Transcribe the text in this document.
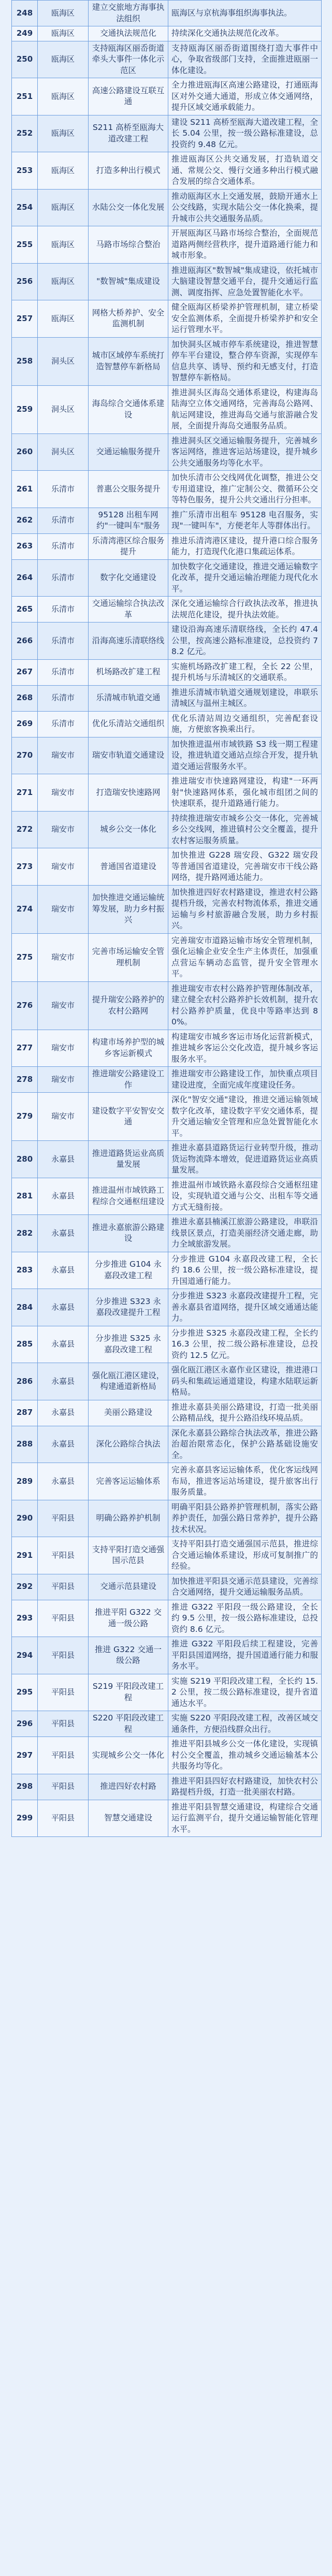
248	瓯海区	建立交旅地方海事执法组织	瓯海区与京杭海事组织海事执法。
249	瓯海区	交通执法规范化	持续深化交通执法规范化改革。
250	瓯海区	支持瓯海区丽岙街道牵头大事件一体化示范区	支持瓯海区丽岙街道围绕打造大事件中心，争取省级部门支持，全面推进瓯丽一体化建设。
251	瓯海区	高速公路建设互联互通	全力推进瓯海区高速公路建设，打通瓯海区对外交通大通道，形成立体交通网络，提升区域交通承载能力。
252	瓯海区	S211 高桥至瓯海大道改建工程	建设 S211 高桥至瓯海大道改建工程，全长 5.04 公里，按一级公路标准建设，总投资约 9.48 亿元。
253	瓯海区	打造多种出行模式	推进瓯海区公共交通发展，打造轨道交通、常规公交、慢行交通多种出行模式融合发展的综合交通体系。
254	瓯海区	水陆公交一体化发展	推动瓯海区水上交通发展，鼓励开通水上公交线路，实现水陆公交一体化换乘，提升城市公共交通服务品质。
255	瓯海区	马路市场综合整治	开展瓯海区马路市场综合整治，全面规范道路两侧经营秩序，提升道路通行能力和城市形象。
256	瓯海区	"数智城"集成建设	推进瓯海区"数智城"集成建设，依托城市大脑建设智慧交通平台，提升交通运行监测、调度指挥、应急处置智能化水平。
257	瓯海区	网格大桥养护、安全监测机制	健全瓯海区桥梁养护管理机制，建立桥梁安全监测体系，全面提升桥梁养护和安全运行管理水平。
258	洞头区	城市区域停车系统打造智慧停车新格局	加快洞头区城市停车系统建设，推进智慧停车平台建设，整合停车资源，实现停车信息共享、诱导、预约和无感支付，打造智慧停车新格局。
259	洞头区	海岛综合交通体系建设	推进洞头区海岛交通体系建设，构建海岛陆海空立体交通网络，完善海岛公路网、航运网建设，推进海岛交通与旅游融合发展，全面提升海岛交通服务品质。
260	洞头区	交通运输服务提升	推进洞头区交通运输服务提升，完善城乡客运网络，推进客运站场建设，提升城乡公共交通服务均等化水平。
261	乐清市	普惠公交服务提升	加快乐清市公交线网优化调整，推进公交专用道建设，推广定制公交、微循环公交等特色服务，提升公共交通出行分担率。
262	乐清市	95128 出租车网约"一键叫车"服务	推广乐清市出租车 95128 电召服务，实现"一键叫车"，方便老年人等群体出行。
263	乐清市	乐清湾港区综合服务提升	推进乐清湾港区建设，提升港口综合服务能力，打造现代化港口集疏运体系。
264	乐清市	数字化交通建设	加快数字化交通建设，推进交通运输数字化改革，提升交通运输治理能力现代化水平。
265	乐清市	交通运输综合执法改革	深化交通运输综合行政执法改革，推进执法规范化建设，提升执法效能。
266	乐清市	沿海高速乐清联络线	建设沿海高速乐清联络线，全长约 47.4 公里，按高速公路标准建设，总投资约 78.2 亿元。
267	乐清市	机场路改扩建工程	实施机场路改扩建工程，全长 22 公里，提升机场与乐清城区的交通联系。
268	乐清市	乐清城市轨道交通	推进乐清城市轨道交通规划建设，串联乐清城区与温州主城区。
269	乐清市	优化乐清站交通组织	优化乐清站周边交通组织，完善配套设施，方便旅客换乘出行。
270	瑞安市	瑞安市轨道交通建设	加快推进温州市域铁路 S3 线一期工程建设，推进轨道交通站点综合开发，提升轨道交通运营服务水平。
271	瑞安市	打造瑞安快速路网	推进瑞安市快速路网建设，构建"一环两射"快速路网体系，强化城市组团之间的快速联系，提升道路通行能力。
272	瑞安市	城乡公交一体化	持续推进瑞安市城乡公交一体化，完善城乡公交线网，推进镇村公交全覆盖，提升农村客运服务质量。
273	瑞安市	普通国省道建设	加快推进 G228 瑞安段、G322 瑞安段等普通国省道建设，完善瑞安市干线公路网络，提升路网通达能力。
274	瑞安市	加快推进交通运输统筹发展，助力乡村振兴	加快推进四好农村路建设，推进农村公路提档升级，完善农村物流体系，推进交通运输与乡村旅游融合发展，助力乡村振兴。
275	瑞安市	完善市场运输安全管理机制	完善瑞安市道路运输市场安全管理机制，强化运输企业安全生产主体责任，加强重点营运车辆动态监管，提升安全管理水平。
276	瑞安市	提升瑞安公路养护的农村公路网	推进瑞安市农村公路养护管理体制改革，建立健全农村公路养护长效机制，提升农村公路养护质量，优良中等路率达到 80%。
277	瑞安市	构建市场养护型的城乡客运新模式	构建瑞安市城乡客运市场化运营新模式，推进城乡客运公交化改造，提升城乡客运服务水平。
278	瑞安市	推进瑞安公路建设工作	推进瑞安市公路建设工作，加快重点项目建设进度，全面完成年度建设任务。
279	瑞安市	建设数字平安智安交通	深化"智安交通"建设，推进交通运输领域数字化改革，建设数字平安交通体系，提升交通运输安全管理和应急处置智能化水平。
280	永嘉县	推进道路货运业高质量发展	推进永嘉县道路货运行业转型升级，推动货运物流降本增效，促进道路货运业高质量发展。
281	永嘉县	推进温州市域铁路工程综合交通枢纽建设	推进温州市域铁路永嘉段综合交通枢纽建设，实现轨道交通与公交、出租车等交通方式无缝衔接。
282	永嘉县	推进永嘉旅游公路建设	推进永嘉县楠溪江旅游公路建设，串联沿线景区景点，打造美丽经济交通走廊，助力全域旅游发展。
283	永嘉县	分步推进 G104 永嘉段改建工程	分步推进 G104 永嘉段改建工程，全长约 18.6 公里，按一级公路标准建设，提升国道通行能力。
284	永嘉县	分步推进 S323 永嘉段改建提升工程	分步推进 S323 永嘉段改建提升工程，完善永嘉县省道网络，提升区域交通通达能力。
285	永嘉县	分步推进 S325 永嘉段改建工程	分步推进 S325 永嘉段改建工程，全长约 16.3 公里，按二级公路标准建设，总投资约 12.5 亿元。
286	永嘉县	强化瓯江港区建设，构建通道新格局	强化瓯江港区永嘉作业区建设，推进港口码头和集疏运通道建设，构建水陆联运新格局。
287	永嘉县	美丽公路建设	推进永嘉县美丽公路建设，打造一批美丽公路精品线，提升公路沿线环境品质。
288	永嘉县	深化公路综合执法	深化永嘉县公路综合执法改革，推进公路治超治限常态化，保护公路基础设施安全。
289	永嘉县	完善客运运输体系	完善永嘉县客运运输体系，优化客运线网布局，推进客运站场建设，提升旅客出行服务质量。
290	平阳县	明确公路养护机制	明确平阳县公路养护管理机制，落实公路养护责任，加强公路日常养护，提升公路技术状况。
291	平阳县	支持平阳打造交通强国示范县	支持平阳县打造交通强国示范县，推进综合交通运输体系建设，形成可复制推广的经验。
292	平阳县	交通示范县建设	加快推进平阳县交通示范县建设，完善综合交通网络，提升交通运输服务品质。
293	平阳县	推进平阳 G322 交通一级公路	推进 G322 平阳段一级公路建设，全长约 9.5 公里，按一级公路标准建设，总投资约 8.6 亿元。
294	平阳县	推进 G322 交通一级公路	推进 G322 平阳段后续工程建设，完善平阳县国道网络，提升国道通行能力和服务水平。
295	平阳县	S219 平阳段改建工程	实施 S219 平阳段改建工程，全长约 15.2 公里，按二级公路标准建设，提升省道通达水平。
296	平阳县	S220 平阳段改建工程	实施 S220 平阳段改建工程，改善区域交通条件，方便沿线群众出行。
297	平阳县	实现城乡公交一体化	推进平阳县城乡公交一体化建设，实现镇村公交全覆盖，推动城乡交通运输基本公共服务均等化。
298	平阳县	推进四好农村路	推进平阳县四好农村路建设，加快农村公路提档升级，打造一批美丽农村路。
299	平阳县	智慧交通建设	推进平阳县智慧交通建设，构建综合交通运行监测平台，提升交通运输智能化管理水平。
